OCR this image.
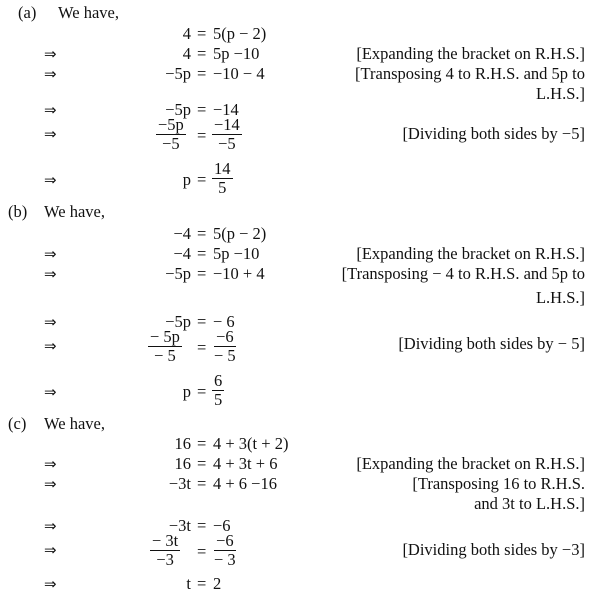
(a) We have,
4 = 5(p − 2)
⇒	4 = 5p −10	[Expanding the bracket on R.H.S.]
⇒	−5p = −10 − 4	[Transposing 4 to R.H.S. and 5p to
L.H.S.]
⇒	−5p = −14
⇒	$\frac{-5p}{-5} = \frac{-14}{-5}$	[Dividing both sides by −5]
⇒	$p = \frac{14}{5}$
(b) We have,
−4 = 5(p − 2)
⇒	−4 = 5p −10	[Expanding the bracket on R.H.S.]
⇒	−5p = −10 + 4	[Transposing − 4 to R.H.S. and 5p to
L.H.S.]
⇒	−5p = − 6
⇒	$\frac{- 5p}{- 5} = \frac{-6}{- 5}$	[Dividing both sides by − 5]
⇒	$p = \frac{6}{5}$
(c) We have,
16 = 4 + 3(t + 2)
⇒	16 = 4 + 3t + 6	[Expanding the bracket on R.H.S.]
⇒	−3t = 4 + 6 −16	[Transposing 16 to R.H.S.
and 3t to L.H.S.]
⇒	−3t = −6
⇒	$\frac{- 3t}{-3} = \frac{-6}{- 3}$	[Dividing both sides by −3]
⇒	t = 2
